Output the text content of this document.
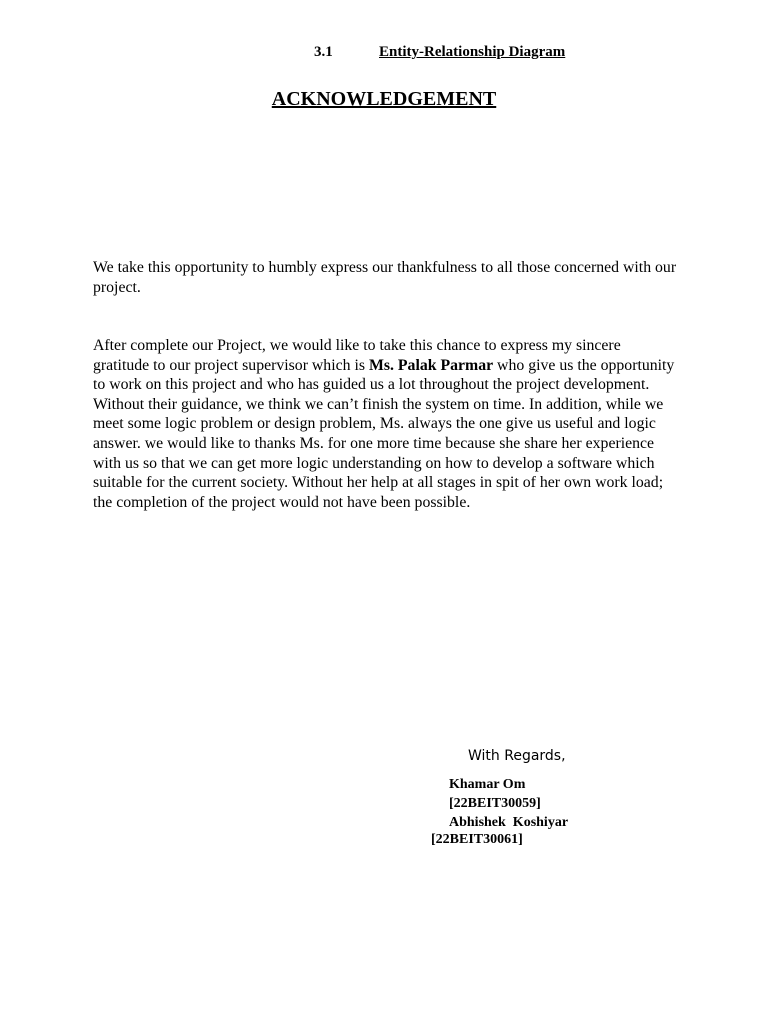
3.1	Entity-Relationship Diagram
ACKNOWLEDGEMENT

We take this opportunity to humbly express our thankfulness to all those concerned with our project.

After complete our Project, we would like to take this chance to express my sincere gratitude to our project supervisor which is Ms. Palak Parmar who give us the opportunity to work on this project and who has guided us a lot throughout the project development. Without their guidance, we think we can’t finish the system on time. In addition, while we meet some logic problem or design problem, Ms. always the one give us useful and logic answer. we would like to thanks Ms. for one more time because she share her experience with us so that we can get more logic understanding on how to develop a software which suitable for the current society. Without her help at all stages in spit of her own work load; the completion of the project would not have been possible.

With Regards,
Khamar Om
[22BEIT30059]
Abhishek  Koshiyar
[22BEIT30061]
